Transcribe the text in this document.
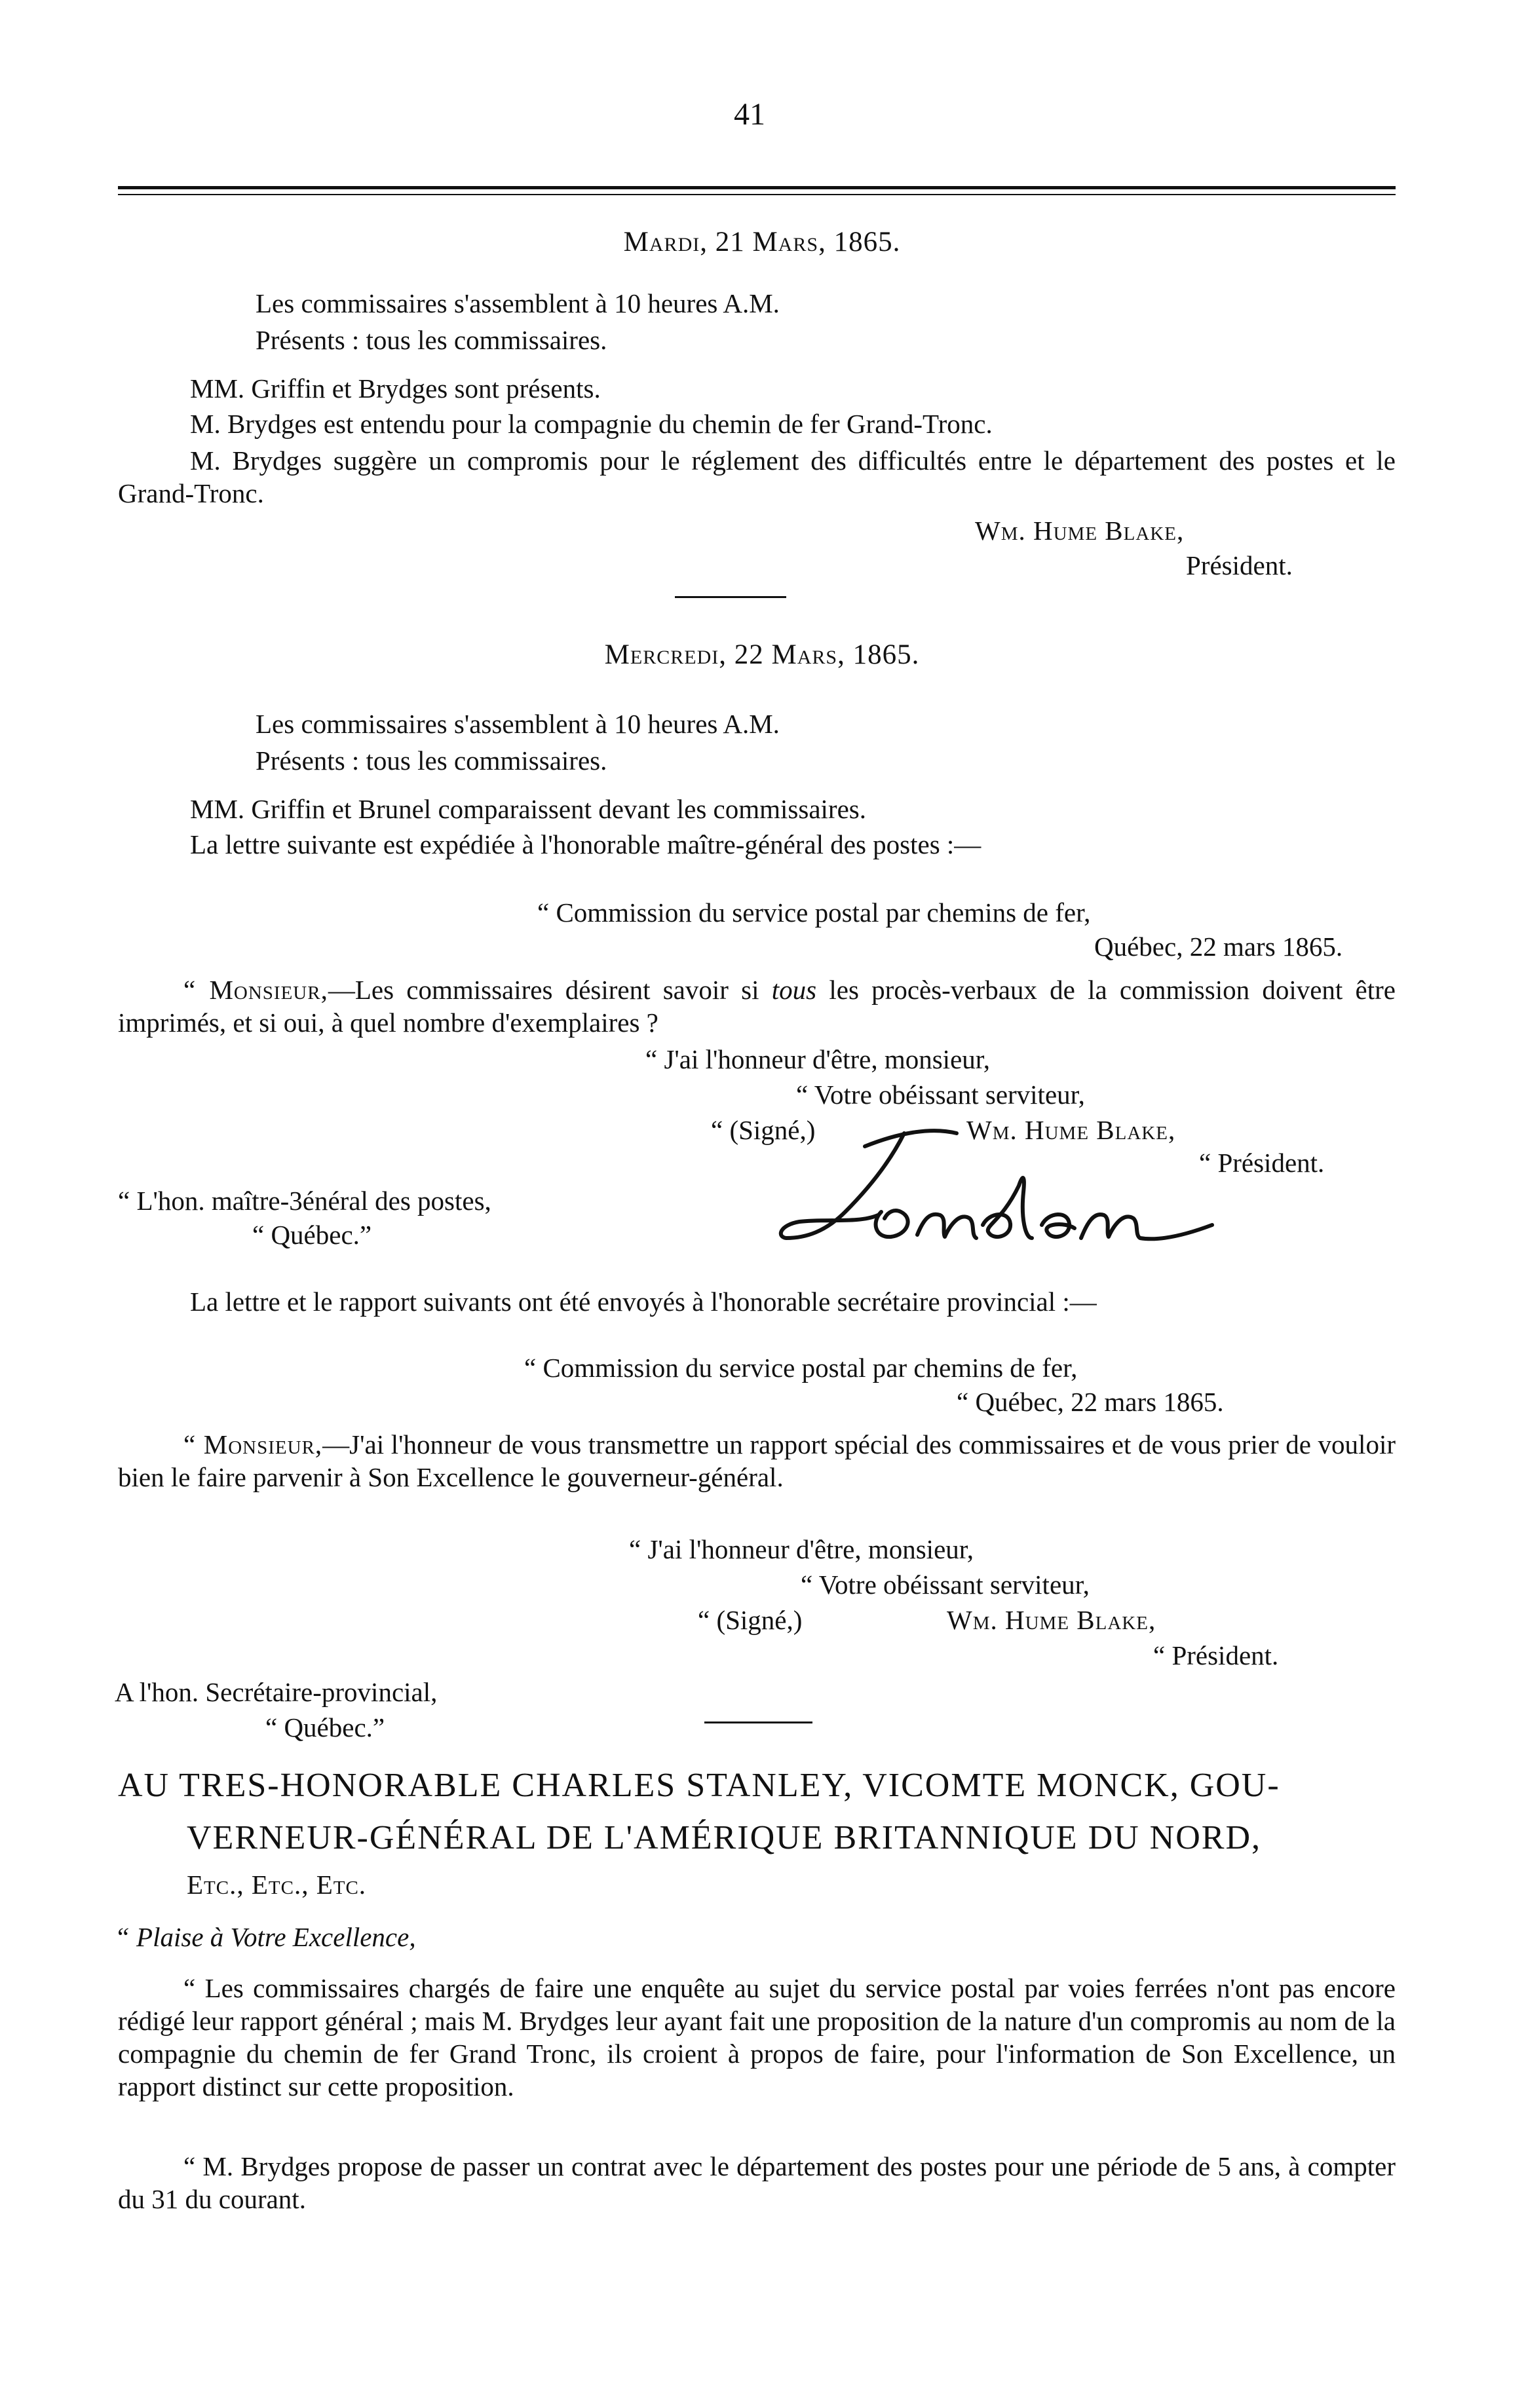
41
Mardi, 21 Mars, 1865.
Les commissaires s'assemblent à 10 heures A.M.
Présents : tous les commissaires.
MM. Griffin et Brydges sont présents.
M. Brydges est entendu pour la compagnie du chemin de fer Grand-Tronc.
M. Brydges suggère un compromis pour le réglement des difficultés entre le département des postes et le Grand-Tronc.
Wm. Hume Blake,
Président.
Mercredi, 22 Mars, 1865.
Les commissaires s'assemblent à 10 heures A.M.
Présents : tous les commissaires.
MM. Griffin et Brunel comparaissent devant les commissaires.
La lettre suivante est expédiée à l'honorable maître-général des postes :—
“ Commission du service postal par chemins de fer,
Québec, 22 mars 1865.
“ Monsieur,—Les commissaires désirent savoir si tous les procès-verbaux de la commission doivent être imprimés, et si oui, à quel nombre d'exemplaires ?
“ J'ai l'honneur d'être, monsieur,
“ Votre obéissant serviteur,
“ (Signé,)	Wm. Hume Blake,
“ Président.
“ L'hon. maître-3énéral des postes,
“ Québec.”
La lettre et le rapport suivants ont été envoyés à l'honorable secrétaire provincial :—
“ Commission du service postal par chemins de fer,
“ Québec, 22 mars 1865.
“ Monsieur,—J'ai l'honneur de vous transmettre un rapport spécial des commissaires et de vous prier de vouloir bien le faire parvenir à Son Excellence le gouverneur-général.
“ J'ai l'honneur d'être, monsieur,
“ Votre obéissant serviteur,
“ (Signé,)	Wm. Hume Blake,
“ Président.
A l'hon. Secrétaire-provincial,
“ Québec.”
AU TRES-HONORABLE CHARLES STANLEY, VICOMTE MONCK, GOU-
VERNEUR-GÉNÉRAL DE L'AMÉRIQUE BRITANNIQUE DU NORD,
Etc., Etc., Etc.
“ Plaise à Votre Excellence,
“ Les commissaires chargés de faire une enquête au sujet du service postal par voies ferrées n'ont pas encore rédigé leur rapport général ; mais M. Brydges leur ayant fait une proposition de la nature d'un compromis au nom de la compagnie du chemin de fer Grand Tronc, ils croient à propos de faire, pour l'information de Son Excellence, un rapport distinct sur cette proposition.
“ M. Brydges propose de passer un contrat avec le département des postes pour une période de 5 ans, à compter du 31 du courant.
